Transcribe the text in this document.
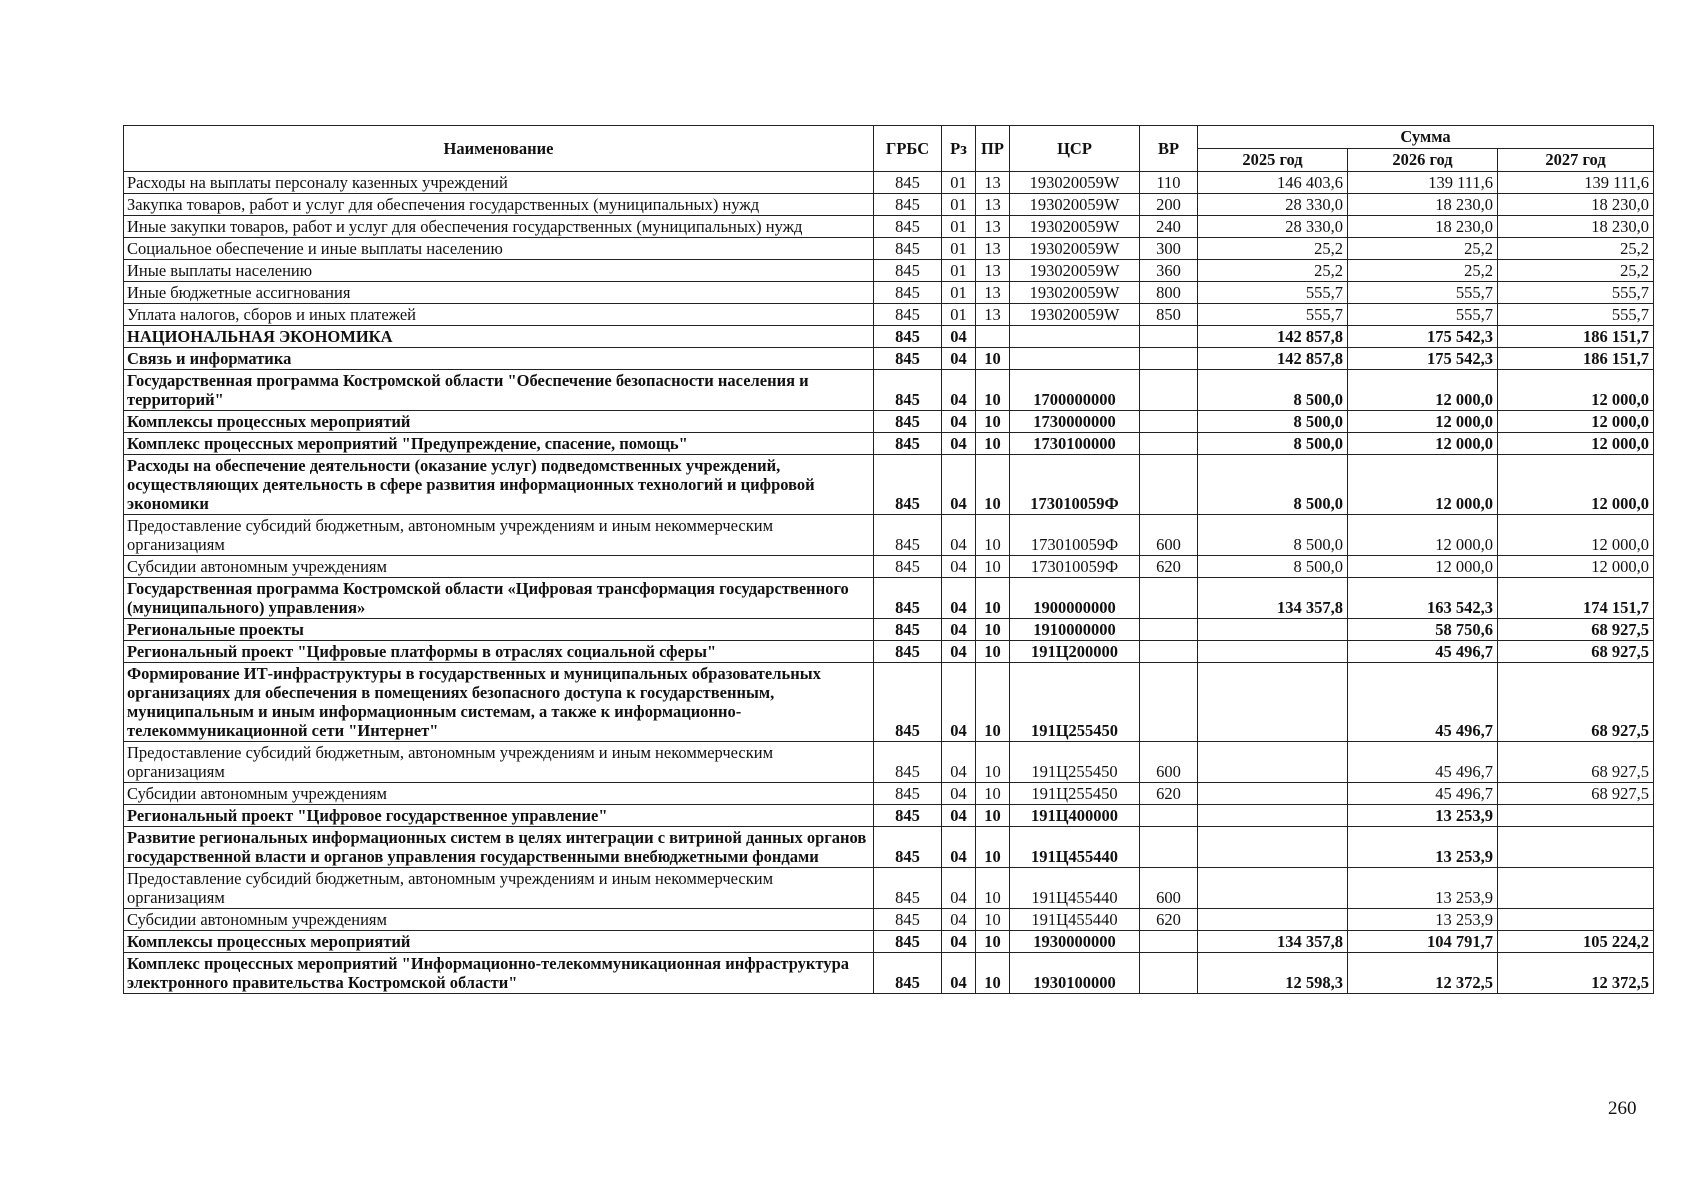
Наименование	ГРБС	Рз	ПР	ЦСР	ВР	Сумма		
						2025 год	2026 год	2027 год
Расходы на выплаты персоналу казенных учреждений	845	01	13	193020059W	110	146 403,6	139 111,6	139 111,6
Закупка товаров, работ и услуг для обеспечения государственных (муниципальных) нужд	845	01	13	193020059W	200	28 330,0	18 230,0	18 230,0
Иные закупки товаров, работ и услуг для обеспечения государственных (муниципальных) нужд	845	01	13	193020059W	240	28 330,0	18 230,0	18 230,0
Социальное обеспечение и иные выплаты населению	845	01	13	193020059W	300	25,2	25,2	25,2
Иные выплаты населению	845	01	13	193020059W	360	25,2	25,2	25,2
Иные бюджетные ассигнования	845	01	13	193020059W	800	555,7	555,7	555,7
Уплата налогов, сборов и иных платежей	845	01	13	193020059W	850	555,7	555,7	555,7
НАЦИОНАЛЬНАЯ ЭКОНОМИКА	845	04				142 857,8	175 542,3	186 151,7
Связь и информатика	845	04	10			142 857,8	175 542,3	186 151,7
Государственная программа Костромской области "Обеспечение безопасности населения и территорий"	845	04	10	1700000000		8 500,0	12 000,0	12 000,0
Комплексы процессных мероприятий	845	04	10	1730000000		8 500,0	12 000,0	12 000,0
Комплекс процессных мероприятий "Предупреждение, спасение, помощь"	845	04	10	1730100000		8 500,0	12 000,0	12 000,0
Расходы на обеспечение деятельности (оказание услуг) подведомственных учреждений, осуществляющих деятельность в сфере развития информационных технологий и цифровой экономики	845	04	10	173010059Ф		8 500,0	12 000,0	12 000,0
Предоставление субсидий бюджетным, автономным учреждениям и иным некоммерческим организациям	845	04	10	173010059Ф	600	8 500,0	12 000,0	12 000,0
Субсидии автономным учреждениям	845	04	10	173010059Ф	620	8 500,0	12 000,0	12 000,0
Государственная программа Костромской области «Цифровая трансформация государственного (муниципального) управления»	845	04	10	1900000000		134 357,8	163 542,3	174 151,7
Региональные проекты	845	04	10	1910000000			58 750,6	68 927,5
Региональный проект "Цифровые платформы в отраслях социальной сферы"	845	04	10	191Ц200000			45 496,7	68 927,5
Формирование ИТ-инфраструктуры в государственных и муниципальных образовательных организациях для обеспечения в помещениях безопасного доступа к государственным, муниципальным и иным информационным системам, а также к информационно-телекоммуникационной сети "Интернет"	845	04	10	191Ц255450			45 496,7	68 927,5
Предоставление субсидий бюджетным, автономным учреждениям и иным некоммерческим организациям	845	04	10	191Ц255450	600		45 496,7	68 927,5
Субсидии автономным учреждениям	845	04	10	191Ц255450	620		45 496,7	68 927,5
Региональный проект "Цифровое государственное управление"	845	04	10	191Ц400000			13 253,9	
Развитие региональных информационных систем в целях интеграции с витриной данных органов государственной власти и органов управления государственными внебюджетными фондами	845	04	10	191Ц455440			13 253,9	
Предоставление субсидий бюджетным, автономным учреждениям и иным некоммерческим организациям	845	04	10	191Ц455440	600		13 253,9	
Субсидии автономным учреждениям	845	04	10	191Ц455440	620		13 253,9	
Комплексы процессных мероприятий	845	04	10	1930000000		134 357,8	104 791,7	105 224,2
Комплекс процессных мероприятий "Информационно-телекоммуникационная инфраструктура электронного правительства Костромской области"	845	04	10	1930100000		12 598,3	12 372,5	12 372,5
260
